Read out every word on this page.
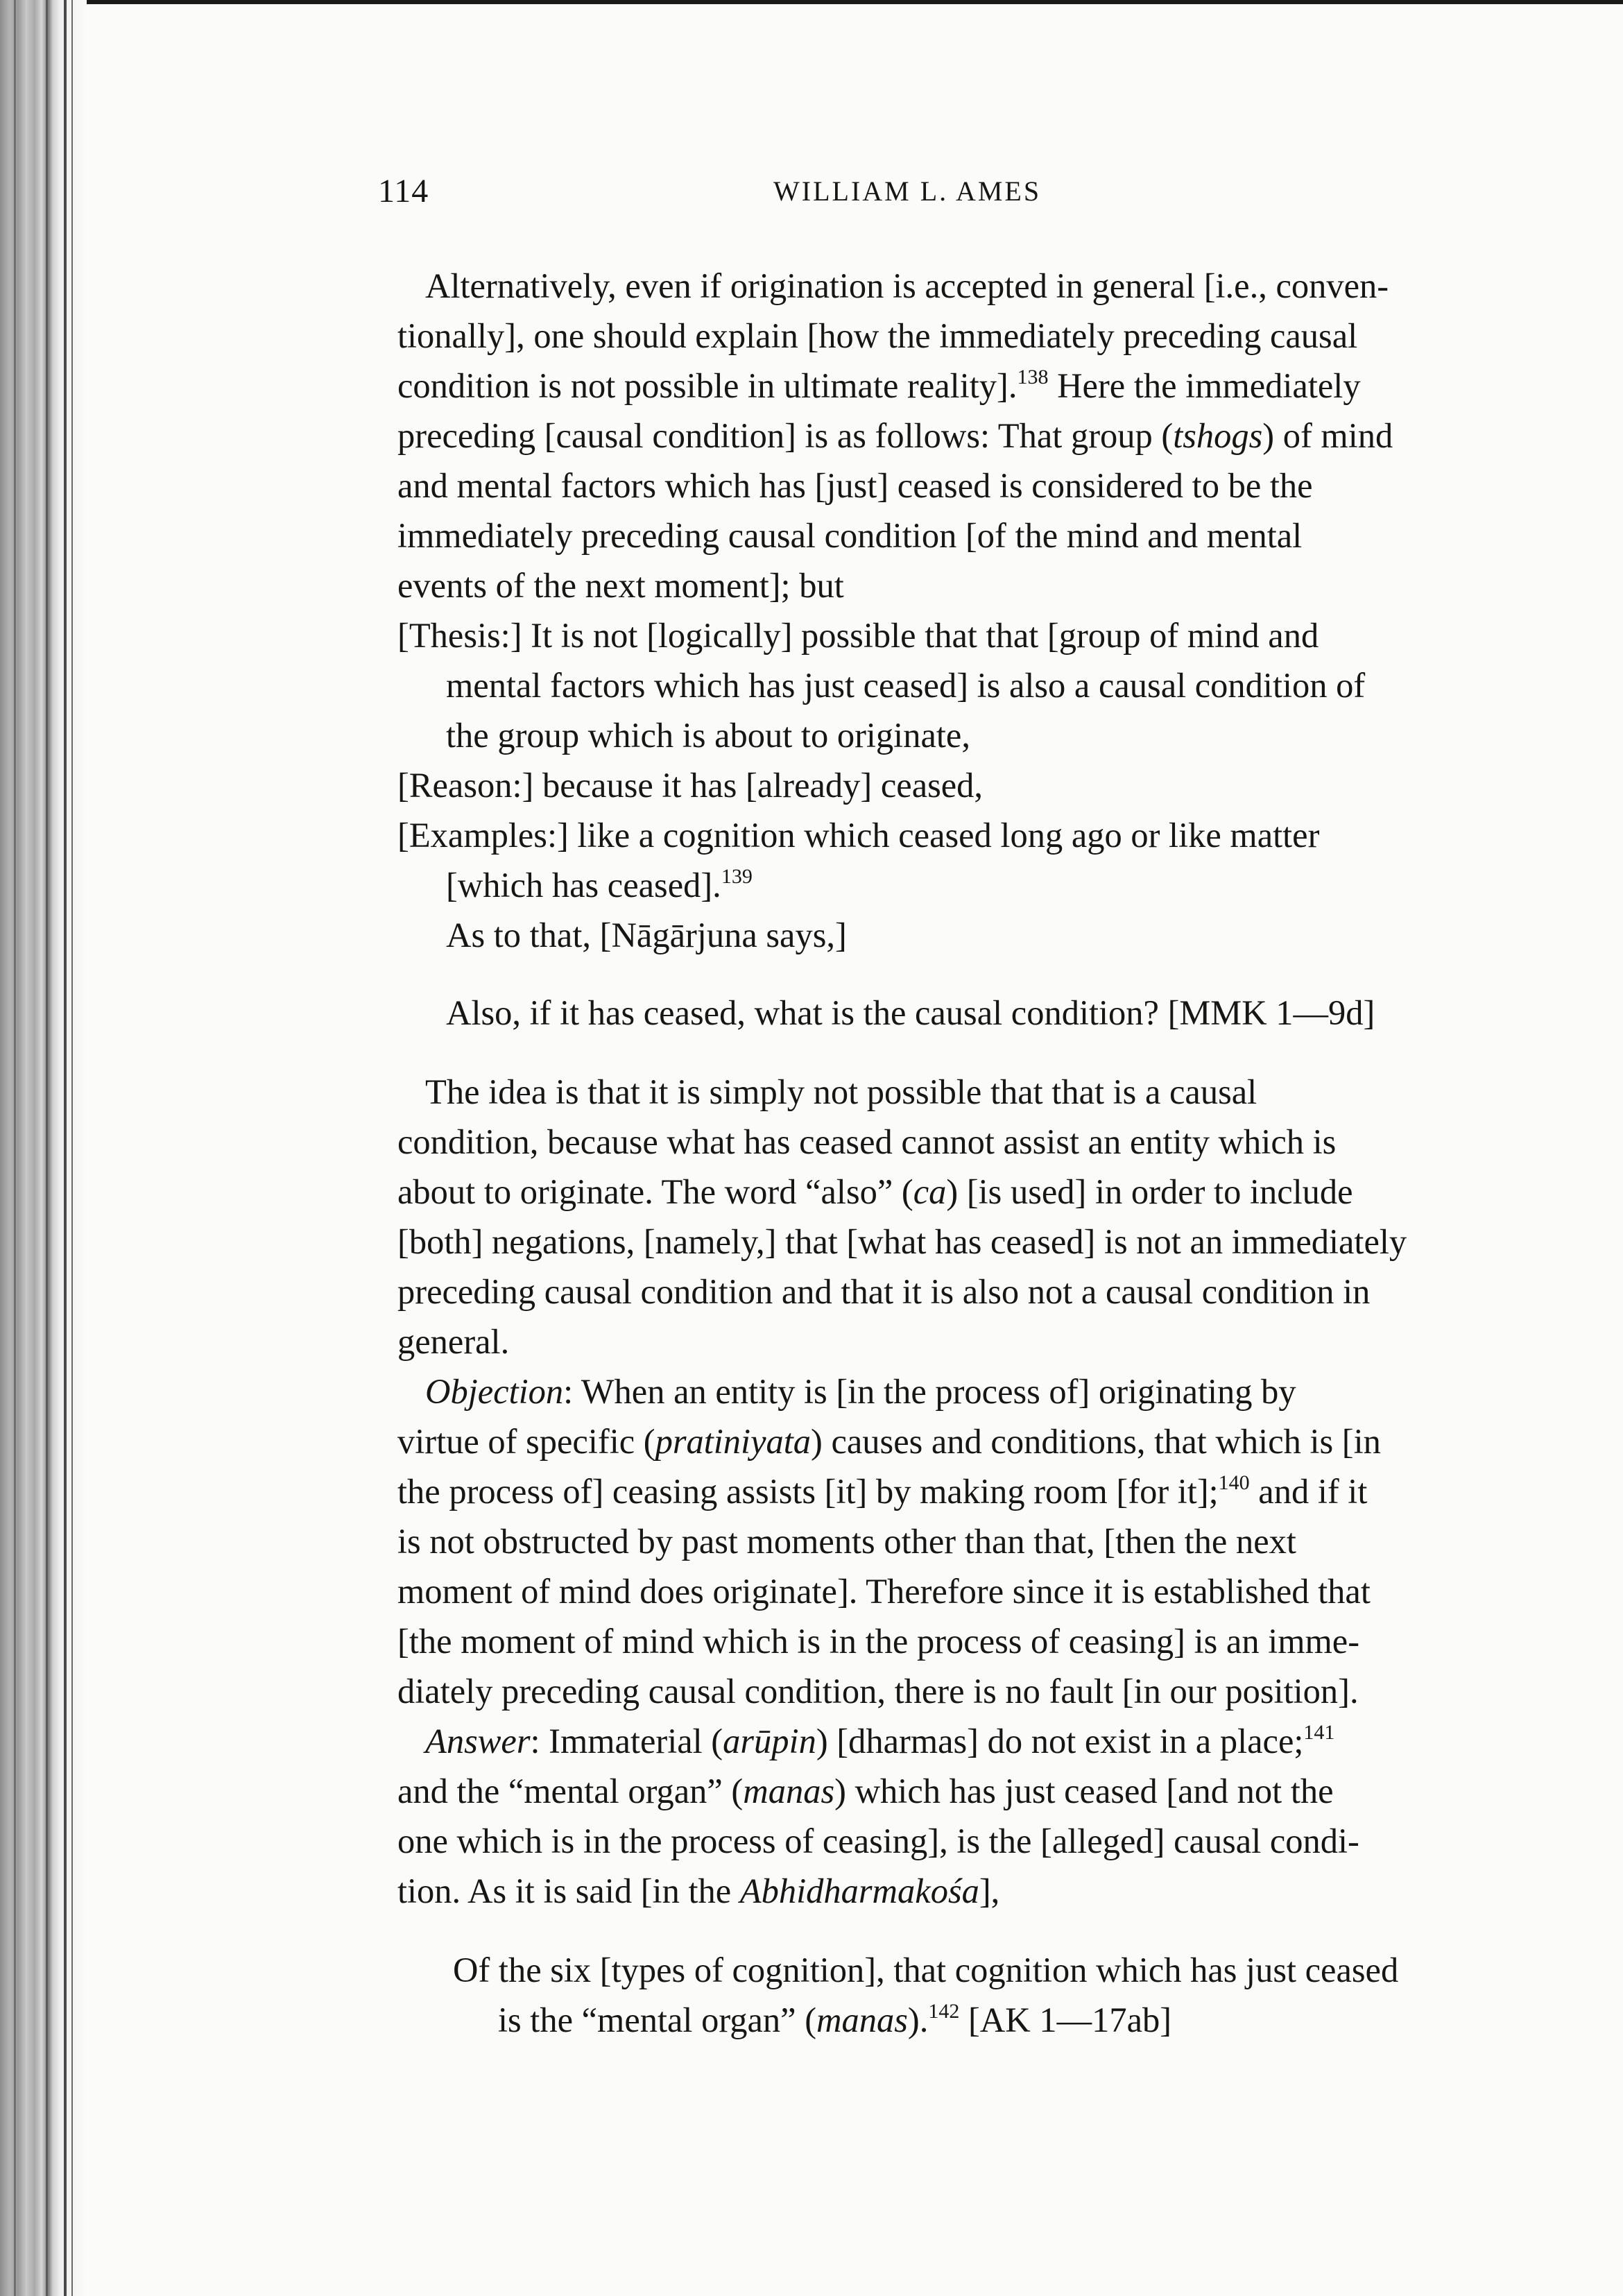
114	WILLIAM L. AMES
Alternatively, even if origination is accepted in general [i.e., conven-
tionally], one should explain [how the immediately preceding causal
condition is not possible in ultimate reality].$^{138}$ Here the immediately
preceding [causal condition] is as follows: That group (tshogs) of mind
and mental factors which has [just] ceased is considered to be the
immediately preceding causal condition [of the mind and mental
events of the next moment]; but
[Thesis:] It is not [logically] possible that that [group of mind and
mental factors which has just ceased] is also a causal condition of
the group which is about to originate,
[Reason:] because it has [already] ceased,
[Examples:] like a cognition which ceased long ago or like matter
[which has ceased].$^{139}$
As to that, [Nāgārjuna says,]
Also, if it has ceased, what is the causal condition? [MMK 1—9d]
The idea is that it is simply not possible that that is a causal
condition, because what has ceased cannot assist an entity which is
about to originate. The word “also” (ca) [is used] in order to include
[both] negations, [namely,] that [what has ceased] is not an immediately
preceding causal condition and that it is also not a causal condition in
general.
Objection: When an entity is [in the process of] originating by
virtue of specific (pratiniyata) causes and conditions, that which is [in
the process of] ceasing assists [it] by making room [for it];$^{140}$ and if it
is not obstructed by past moments other than that, [then the next
moment of mind does originate]. Therefore since it is established that
[the moment of mind which is in the process of ceasing] is an imme-
diately preceding causal condition, there is no fault [in our position].
Answer: Immaterial (arūpin) [dharmas] do not exist in a place;$^{141}$
and the “mental organ” (manas) which has just ceased [and not the
one which is in the process of ceasing], is the [alleged] causal condi-
tion. As it is said [in the Abhidharmakośa],
Of the six [types of cognition], that cognition which has just ceased
is the “mental organ” (manas).$^{142}$ [AK 1—17ab]
